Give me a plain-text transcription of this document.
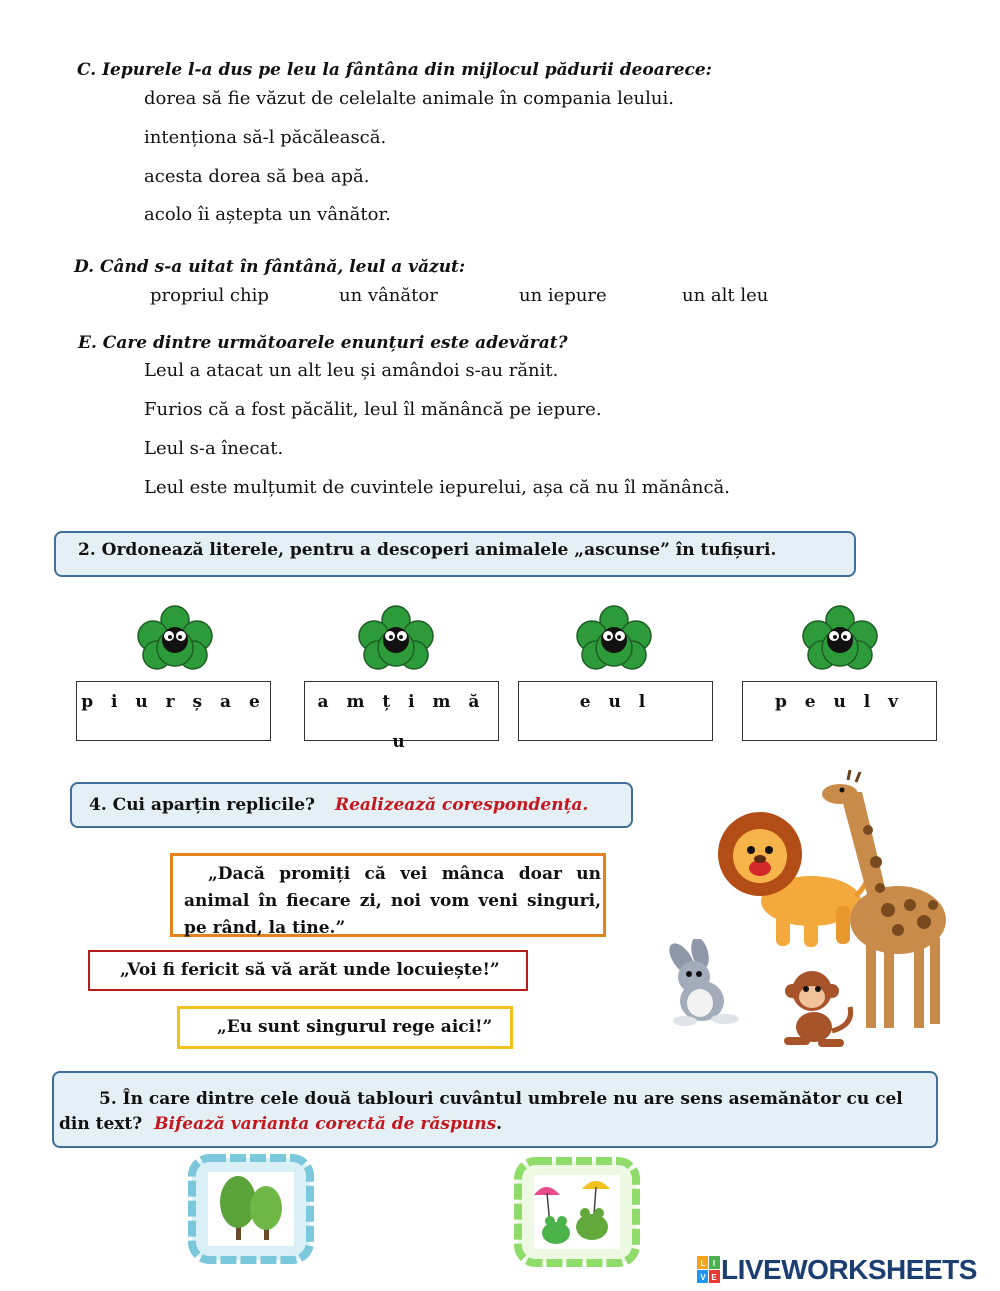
C. Iepurele l-a dus pe leu la fântâna din mijlocul pădurii deoarece:
dorea să fie văzut de celelalte animale în compania leului.
intenționa să-l păcălească.
acesta dorea să bea apă.
acolo îi aștepta un vânător.
D. Când s-a uitat în fântână, leul a văzut:
propriul chip	un vânător	un iepure	un alt leu
E. Care dintre următoarele enunțuri este adevărat?
Leul a atacat un alt leu și amândoi s-au rănit.
Furios că a fost păcălit, leul îl mănâncă pe iepure.
Leul s-a înecat.
Leul este mulțumit de cuvintele iepurelui, așa că nu îl mănâncă.
2. Ordonează literele, pentru a descoperi animalele „ascunse” în tufișuri.
p i u r ș a e	a m ț i m ă u
e u l	p e u l v
4. Cui aparțin replicile? Realizează corespondența.
„Dacă promiți că vei mânca doar un animal în fiecare zi, noi vom veni singuri, pe rând, la tine.”
„Voi fi fericit să vă arăt unde locuiește!”
„Eu sunt singurul rege aici!”
5. În care dintre cele două tablouri cuvântul umbrele nu are sens asemănător cu cel din text? Bifează varianta corectă de răspuns.
L I
V E LIVEWORKSHEETS
